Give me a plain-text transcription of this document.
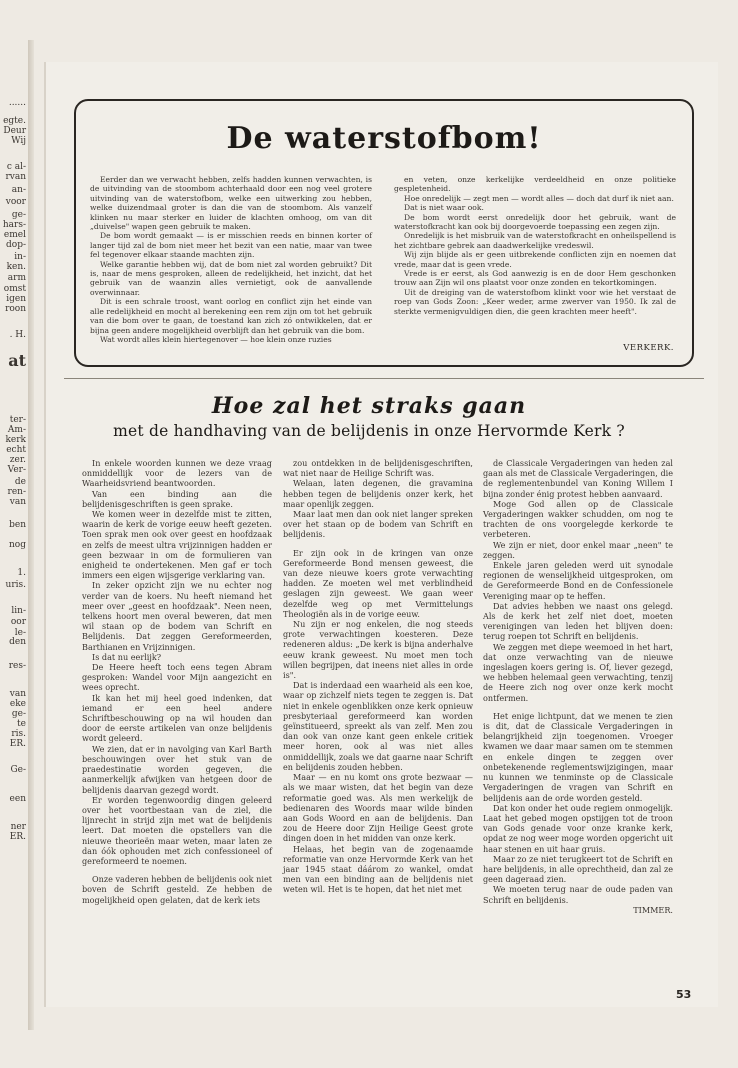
......
egte.
Deur
Wij
c al-
rvan
an-
voor
ge-
hars-
emel
dop-
in-
ken.
arm
omst
igen
roon
. H.
at
ter-
Am-
kerk
echt
zer.
Ver-
de
ren-
van
ben
nog
1.
uris.
lin-
oor
le-
den
res-
van
eke
ge-
te
ris.
ER.
Ge-
een
ner
ER.
De waterstofbom!

Eerder dan we verwacht hebben, zelfs hadden kunnen verwachten, is de uitvinding van de stoombom achterhaald door een nog veel grotere uitvinding van de waterstofbom, welke een uitwerking zou hebben, welke duizendmaal groter is dan die van de stoombom. Als vanzelf klinken nu maar sterker en luider de klachten omhoog, om van dit „duivelse" wapen geen gebruik te maken.

De bom wordt gemaakt — is er misschien reeds en binnen korter of langer tijd zal de bom niet meer het bezit van een natie, maar van twee fel tegenover elkaar staande machten zijn.

Welke garantie hebben wij, dat de bom niet zal worden gebruikt? Dit is, naar de mens gesproken, alleen de redelijkheid, het inzicht, dat het gebruik van de waanzin alles vernietigt, ook de aanvallende overwinnaar.

Dit is een schrale troost, want oorlog en conflict zijn het einde van alle redelijkheid en mocht al berekening een rem zijn om tot het gebruik van die bom over te gaan, de toestand kan zich zó ontwikkelen, dat er bijna geen andere mogelijkheid overblijft dan het gebruik van die bom.

Wat wordt alles klein hiertegenover — hoe klein onze ruzies

en veten, onze kerkelijke verdeeldheid en onze politieke gespletenheid.

Hoe onredelijk — zegt men — wordt alles — doch dat durf ik niet aan.

Dat is niet waar ook.

De bom wordt eerst onredelijk door het gebruik, want de waterstofkracht kan ook bij doorgevoerde toepassing een zegen zijn.

Onredelijk is het misbruik van de waterstofkracht en onheilspellend is het zichtbare gebrek aan daadwerkelijke vredeswil.

Wij zijn blijde als er geen uitbrekende conflicten zijn en noemen dat vrede, maar dat is geen vrede.

Vrede is er eerst, als God aanwezig is en de door Hem geschonken trouw aan Zijn wil ons plaatst voor onze zonden en tekortkomingen.

Uit de dreiging van de waterstofbom klinkt voor wie het verstaat de roep van Gods Zoon: „Keer weder, arme zwerver van 1950. Ik zal de sterkte vermenigvuldigen dien, die geen krachten meer heeft".

VERKERK.
Hoe zal het straks gaan
met de handhaving van de belijdenis in onze Hervormde Kerk ?

In enkele woorden kunnen we deze vraag onmiddellijk voor de lezers van de Waarheidsvriend beantwoorden.

Van een binding aan die belijdenisgeschriften is geen sprake.

We komen weer in dezelfde mist te zitten, waarin de kerk de vorige eeuw heeft gezeten. Toen sprak men ook over geest en hoofdzaak en zelfs de meest ultra vrijzinnigen hadden er geen bezwaar in om de formulieren van enigheid te ondertekenen. Men gaf er toch immers een eigen wijsgerige verklaring van.

In zeker opzicht zijn we nu echter nog verder van de koers. Nu heeft niemand het meer over „geest en hoofdzaak". Neen neen, telkens hoort men overal beweren, dat men wil staan op de bodem van Schrift en Belijdenis. Dat zeggen Gereformeerden, Barthianen en Vrijzinnigen.

Is dat nu eerlijk?

De Heere heeft toch eens tegen Abram gesproken: Wandel voor Mijn aangezicht en wees oprecht.

Ik kan het mij heel goed indenken, dat iemand er een heel andere Schriftbeschouwing op na wil houden dan door de eerste artikelen van onze belijdenis wordt geleerd.

We zien, dat er in navolging van Karl Barth beschouwingen over het stuk van de praedestinatie worden gegeven, die aanmerkelijk afwijken van hetgeen door de belijdenis daarvan gezegd wordt.

Er worden tegenwoordig dingen geleerd over het voortbestaan van de ziel, die lijnrecht in strijd zijn met wat de belijdenis leert. Dat moeten die opstellers van die nieuwe theorieën maar weten, maar laten ze dan óók ophouden met zich confessioneel of gereformeerd te noemen.

Onze vaderen hebben de belijdenis ook niet boven de Schrift gesteld. Ze hebben de mogelijkheid open gelaten, dat de kerk iets

zou ontdekken in de belijdenisgeschriften, wat niet naar de Heilige Schrift was.

Welaan, laten degenen, die gravamina hebben tegen de belijdenis onzer kerk, het maar openlijk zeggen.

Maar laat men dan ook niet langer spreken over het staan op de bodem van Schrift en belijdenis.

Er zijn ook in de kringen van onze Gereformeerde Bond mensen geweest, die van deze nieuwe koers grote verwachting hadden. Ze moeten wel met verblindheid geslagen zijn geweest. We gaan weer dezelfde weg op met Vermittelungs Theologiën als in de vorige eeuw.

Nu zijn er nog enkelen, die nog steeds grote verwachtingen koesteren. Deze redeneren aldus: „De kerk is bijna anderhalve eeuw krank geweest. Nu moet men toch willen begrijpen, dat ineens niet alles in orde is".

Dat is inderdaad een waarheid als een koe, waar op zichzelf niets tegen te zeggen is. Dat niet in enkele ogenblikken onze kerk opnieuw presbyteriaal gereformeerd kan worden geïnstitueerd, spreekt als van zelf. Men zou dan ook van onze kant geen enkele critiek meer horen, ook al was niet alles onmiddellijk, zoals we dat gaarne naar Schrift en belijdenis zouden hebben.

Maar — en nu komt ons grote bezwaar — als we maar wisten, dat het begin van deze reformatie goed was. Als men werkelijk de bedienaren des Woords maar wilde binden aan Gods Woord en aan de belijdenis. Dan zou de Heere door Zijn Heilige Geest grote dingen doen in het midden van onze kerk.

Helaas, het begin van de zogenaamde reformatie van onze Hervormde Kerk van het jaar 1945 staat dáárom zo wankel, omdat men van een binding aan de belijdenis niet weten wil. Het is te hopen, dat het niet met

de Classicale Vergaderingen van heden zal gaan als met de Classicale Vergaderingen, die de reglementenbundel van Koning Willem I bijna zonder énig protest hebben aanvaard.

Moge God allen op de Classicale Vergaderingen wakker schudden, om nog te trachten de ons voorgelegde kerkorde te verbeteren.

We zijn er niet, door enkel maar „neen" te zeggen.

Enkele jaren geleden werd uit synodale regionen de wenselijkheid uitgesproken, om de Gereformeerde Bond en de Confessionele Vereniging maar op te heffen.

Dat advies hebben we naast ons gelegd. Als de kerk het zelf niet doet, moeten verenigingen van leden het blijven doen: terug roepen tot Schrift en belijdenis.

We zeggen met diepe weemoed in het hart, dat onze verwachting van de nieuwe ingeslagen koers gering is. Of, liever gezegd, we hebben helemaal geen verwachting, tenzij de Heere zich nog over onze kerk mocht ontfermen.

Het enige lichtpunt, dat we menen te zien is dit, dat de Classicale Vergaderingen in belangrijkheid zijn toegenomen. Vroeger kwamen we daar maar samen om te stemmen en enkele dingen te zeggen over onbetekenende reglementswijzigingen, maar nu kunnen we tenminste op de Classicale Vergaderingen de vragen van Schrift en belijdenis aan de orde worden gesteld.

Dat kon onder het oude regiem onmogelijk. Laat het gebed mogen opstijgen tot de troon van Gods genade voor onze kranke kerk, opdat ze nog weer moge worden opgericht uit haar stenen en uit haar gruis.

Maar zo ze niet terugkeert tot de Schrift en hare belijdenis, in alle oprechtheid, dan zal ze geen dageraad zien.

We moeten terug naar de oude paden van Schrift en belijdenis.

TIMMER.

53
